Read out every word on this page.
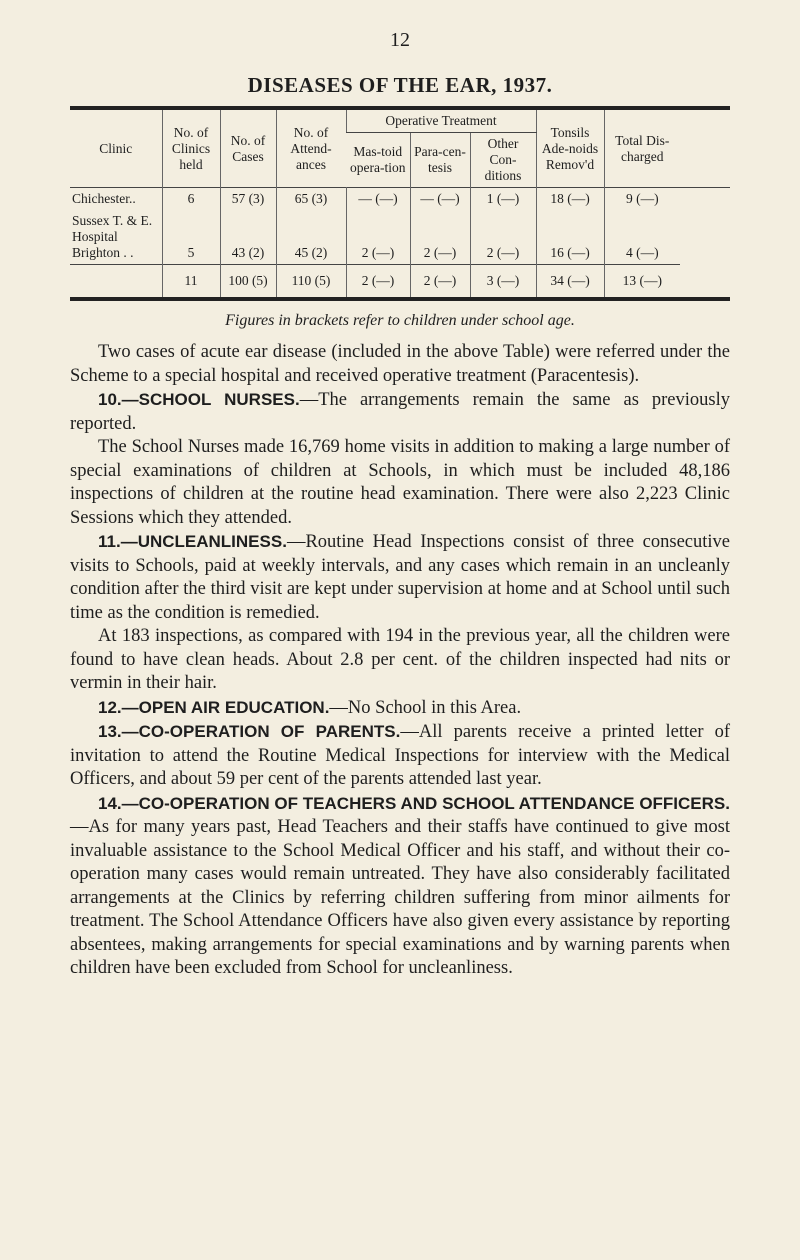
12
DISEASES OF THE EAR, 1937.
Clinic	No. of Clinics held	No. of Cases	No. of Attend-ances	Operative Treatment			Tonsils Ade-noids Remov'd	Total Dis-charged
				Mas-toid opera-tion	Para-cen-tesis	Other Con-ditions		
Chichester..	6	57 (3)	65 (3)	— (—)	— (—)	1 (—)	18 (—)	9 (—)
Sussex T. & E. Hospital Brighton . .	5	43 (2)	45 (2)	2 (—)	2 (—)	2 (—)	16 (—)	4 (—)
	11	100 (5)	110 (5)	2 (—)	2 (—)	3 (—)	34 (—)	13 (—)
Figures in brackets refer to children under school age.

Two cases of acute ear disease (included in the above Table) were referred under the Scheme to a special hospital and received operative treatment (Paracentesis).

10.—SCHOOL NURSES.—The arrangements remain the same as previously reported.

The School Nurses made 16,769 home visits in addition to making a large number of special examinations of children at Schools, in which must be included 48,186 inspections of children at the routine head examination. There were also 2,223 Clinic Sessions which they attended.

11.—UNCLEANLINESS.—Routine Head Inspections consist of three consecutive visits to Schools, paid at weekly intervals, and any cases which remain in an uncleanly condition after the third visit are kept under supervision at home and at School until such time as the condition is remedied.

At 183 inspections, as compared with 194 in the previous year, all the children were found to have clean heads. About 2.8 per cent. of the children inspected had nits or vermin in their hair.

12.—OPEN AIR EDUCATION.—No School in this Area.

13.—CO-OPERATION OF PARENTS.—All parents receive a printed letter of invitation to attend the Routine Medical Inspections for interview with the Medical Officers, and about 59 per cent of the parents attended last year.

14.—CO-OPERATION OF TEACHERS AND SCHOOL ATTENDANCE OFFICERS.—As for many years past, Head Teachers and their staffs have continued to give most invaluable assistance to the School Medical Officer and his staff, and without their co-operation many cases would remain untreated. They have also considerably facilitated arrangements at the Clinics by referring children suffering from minor ailments for treatment. The School Attendance Officers have also given every assistance by reporting absentees, making arrangements for special examinations and by warning parents when children have been excluded from School for uncleanliness.
